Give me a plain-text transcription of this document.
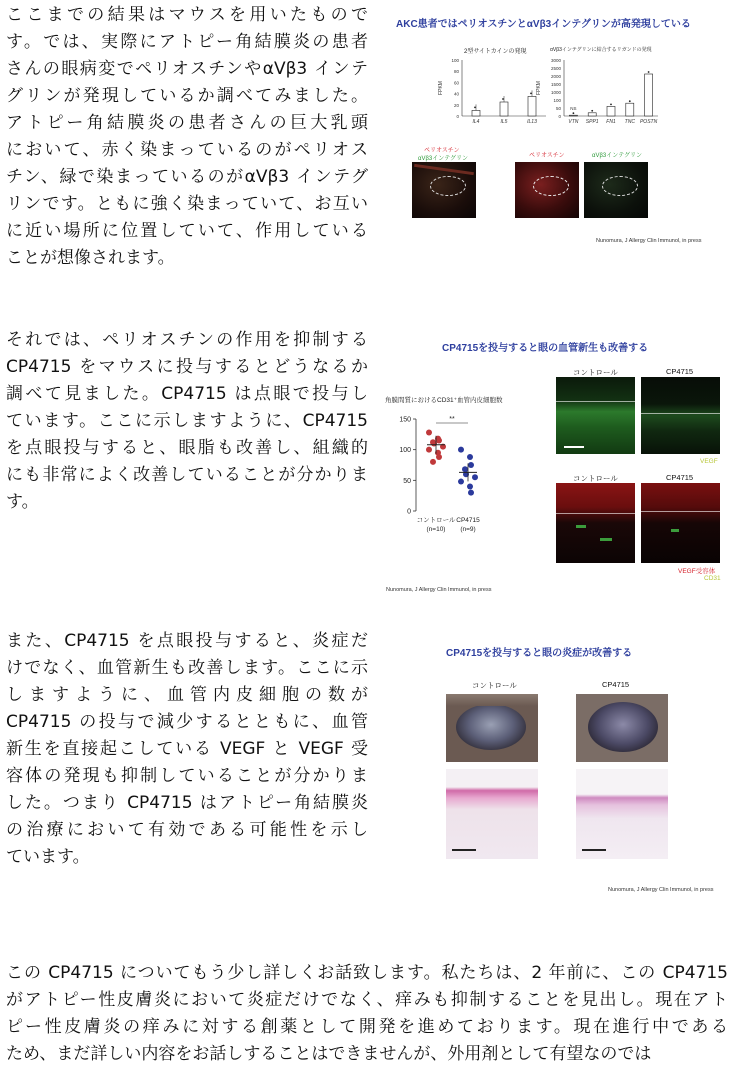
ここまでの結果はマウスを用いたもので
す。では、実際にアトピー角結膜炎の患者
さんの眼病変でペリオスチンやαVβ3 インテ
グリンが発現しているか調べてみました。
アトピー角結膜炎の患者さんの巨大乳頭
において、赤く染まっているのがペリオス
チン、緑で染まっているのがαVβ3 インテグ
リンです。ともに強く染まっていて、お互い
に近い場所に位置していて、作用している
ことが想像されます。
それでは、ペリオスチンの作用を抑制する
CP4715 をマウスに投与するとどうなるか
調べて見ました。CP4715 は点眼で投与し
ています。ここに示しますように、CP4715
を点眼投与すると、眼脂も改善し、組織的
にも非常によく改善していることが分かりま
す。
また、CP4715 を点眼投与すると、炎症だ
けでなく、血管新生も改善します。ここに示
しますように、血管内皮細胞の数が
CP4715 の投与で減少するとともに、血管
新生を直接起こしている VEGF と VEGF 受
容体の発現も抑制していることが分かりま
した。つまり CP4715 はアトピー角結膜炎
の治療において有効である可能性を示し
ています。
この CP4715 についてもう少し詳しくお話致します。私たちは、2 年前に、この CP4715
がアトピー性皮膚炎において炎症だけでなく、痒みも抑制することを見出し。現在アト
ピー性皮膚炎の痒みに対する創薬として開発を進めております。現在進行中である
ため、まだ詳しい内容をお話しすることはできませんが、外用剤として有望なのでは
AKC患者ではペリオスチンとαVβ3インテグリンが高発現している
FPKM
0
20
40
60
80
100
IL4	IL5	IL13
FPKM
0
50
100
1000
1500
2000
2500
3000
VTN SPP1 FN1 TNC POSTN
NS
2型サイトカインの発現	αVβ3インテグリンに結合するリガンドの発現
ペリオスチン
αVβ3インテグリン	ペリオスチン	αVβ3インテグリン
Nunomura, J Allergy Clin Immunol, in press
CP4715を投与すると眼の血管新生も改善する
角膜間質におけるCD31⁺血管内皮細胞数
0
50
100
150
コントロール
(n=10)
CP4715
(n=9)
**
コントロール	CP4715
VEGF
コントロール	CP4715
VEGF受容体
CD31
Nunomura, J Allergy Clin Immunol, in press
CP4715を投与すると眼の炎症が改善する
コントロール	CP4715
Nunomura, J Allergy Clin Immunol, in press
